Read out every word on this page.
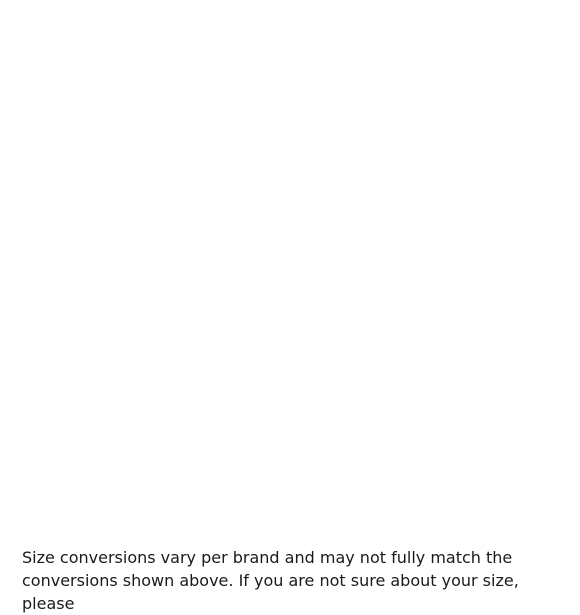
Size conversions vary per brand and may not fully match the conversions shown above. If you are not sure about your size, please
